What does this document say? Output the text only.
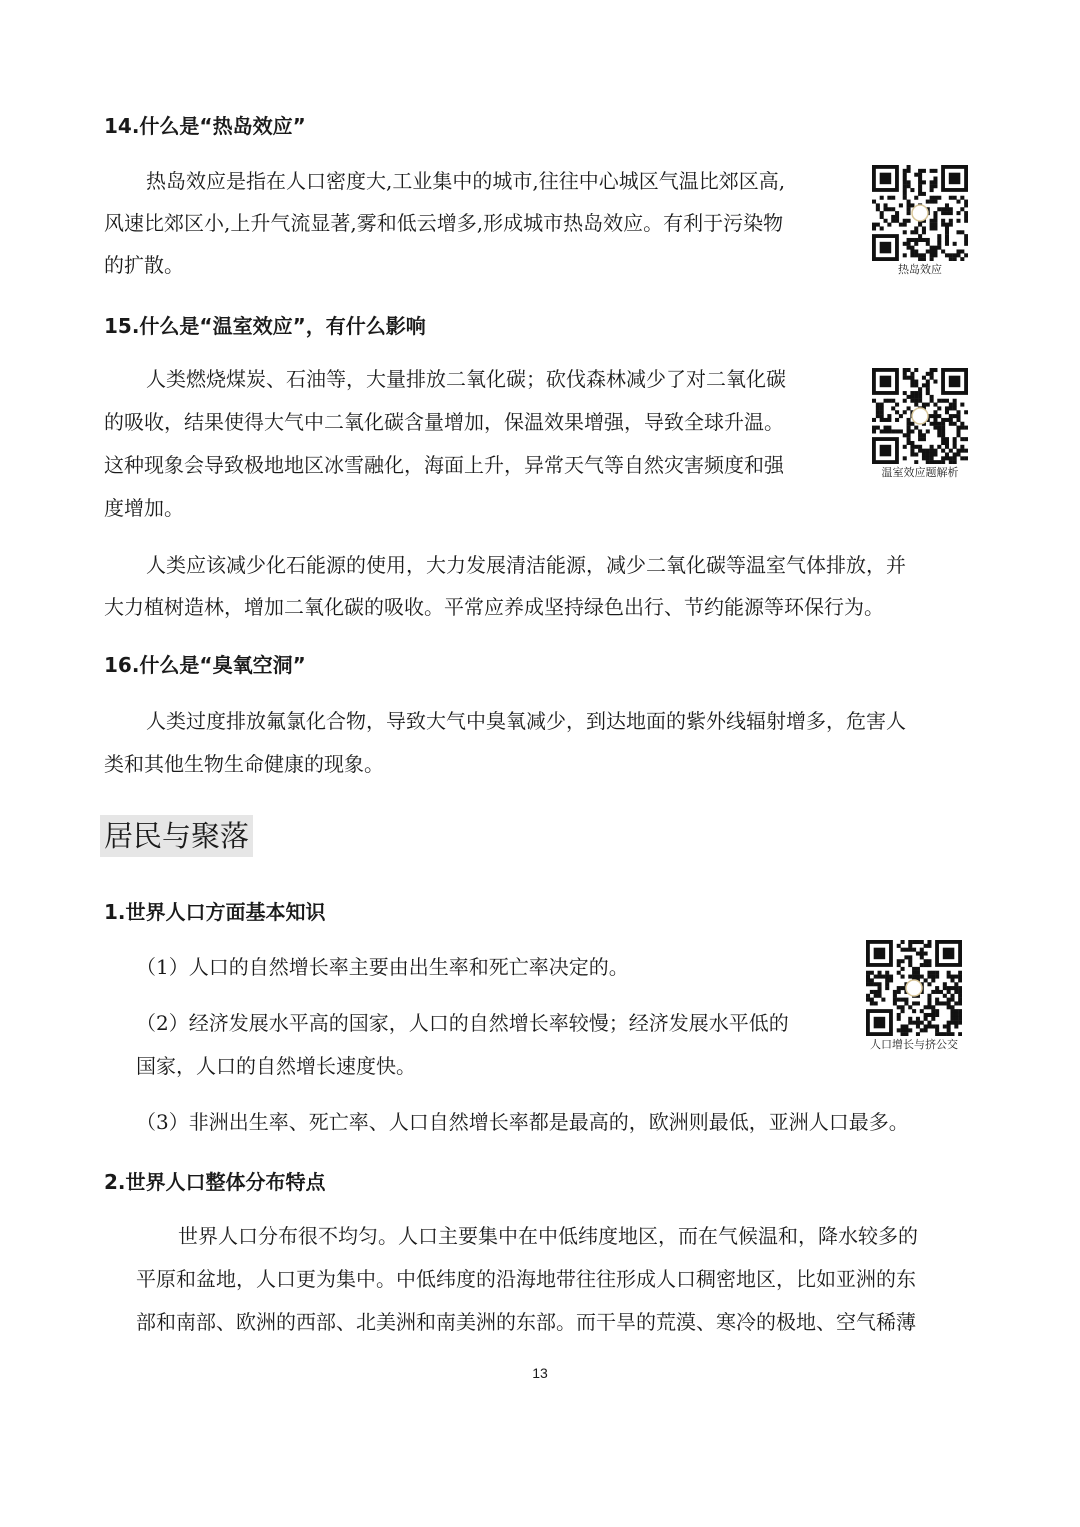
14.什么是“热岛效应”
热岛效应是指在人口密度大,工业集中的城市,往往中心城区气温比郊区高,
风速比郊区小,上升气流显著,雾和低云增多,形成城市热岛效应。有利于污染物
的扩散。	热岛效应
15.什么是“温室效应”，有什么影响
人类燃烧煤炭、石油等，大量排放二氧化碳；砍伐森林减少了对二氧化碳
的吸收，结果使得大气中二氧化碳含量增加，保温效果增强，导致全球升温。
这种现象会导致极地地区冰雪融化，海面上升，异常天气等自然灾害频度和强
度增加。
温室效应题解析
人类应该减少化石能源的使用，大力发展清洁能源，减少二氧化碳等温室气体排放，并
大力植树造林，增加二氧化碳的吸收。平常应养成坚持绿色出行、节约能源等环保行为。
16.什么是“臭氧空洞”
人类过度排放氟氯化合物，导致大气中臭氧减少，到达地面的紫外线辐射增多，危害人
类和其他生物生命健康的现象。
居民与聚落
1.世界人口方面基本知识
（1）人口的自然增长率主要由出生率和死亡率决定的。
（2）经济发展水平高的国家，人口的自然增长率较慢；经济发展水平低的
国家，人口的自然增长速度快。
（3）非洲出生率、死亡率、人口自然增长率都是最高的，欧洲则最低，亚洲人口最多。
人口增长与挤公交
2.世界人口整体分布特点
世界人口分布很不均匀。人口主要集中在中低纬度地区，而在气候温和，降水较多的
平原和盆地，人口更为集中。中低纬度的沿海地带往往形成人口稠密地区，比如亚洲的东
部和南部、欧洲的西部、北美洲和南美洲的东部。而干旱的荒漠、寒冷的极地、空气稀薄
13
